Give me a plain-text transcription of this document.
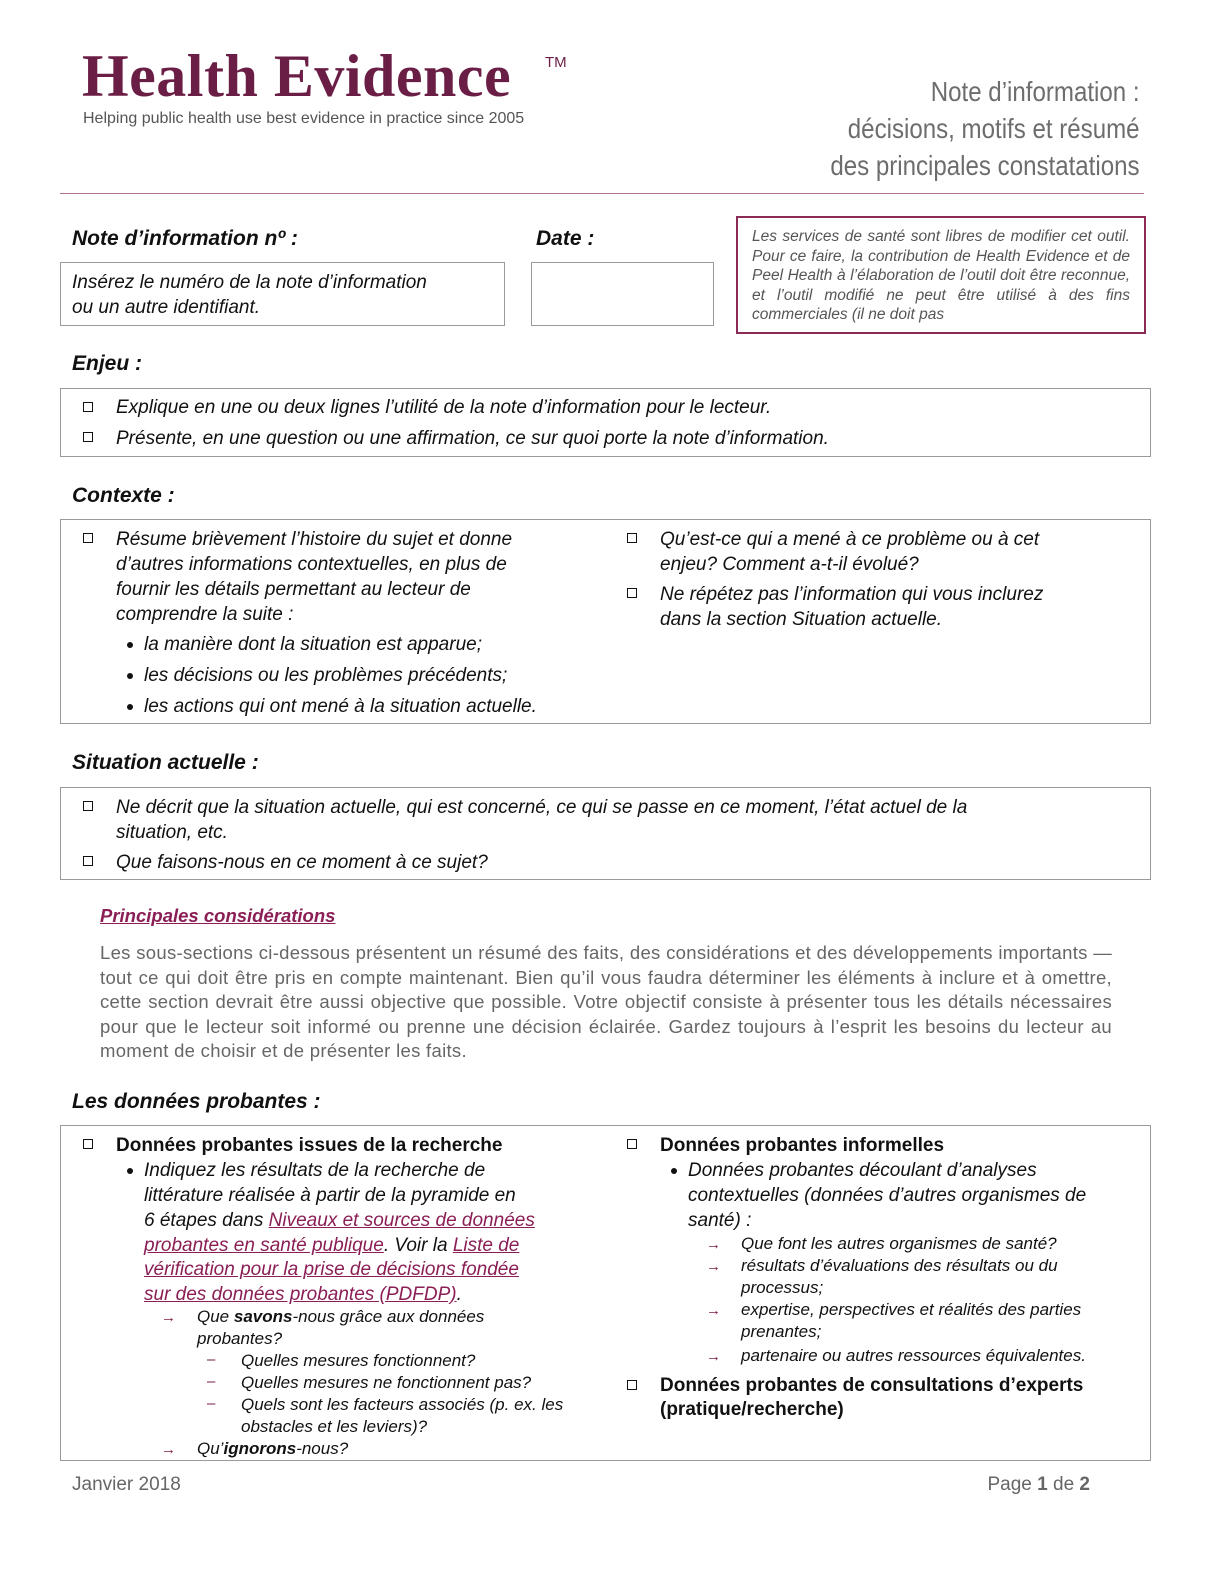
Health Evidence TM
Helping public health use best evidence in practice since 2005
Note d’information :
décisions, motifs et résumé
des principales constatations
Note d’information nº :
Insérez le numéro de la note d’information
ou un autre identifiant.
Date :	Les services de santé sont libres de modifier cet outil. Pour ce faire, la contribution de Health Evidence et de Peel Health à l’élaboration de l’outil doit être reconnue, et l’outil modifié ne peut être utilisé à des fins commerciales (il ne doit pas
Enjeu :
Explique en une ou deux lignes l’utilité de la note d’information pour le lecteur.
Présente, en une question ou une affirmation, ce sur quoi porte la note d’information.
Contexte :
Résume brièvement l’histoire du sujet et donne
d’autres informations contextuelles, en plus de
fournir les détails permettant au lecteur de
comprendre la suite :
la manière dont la situation est apparue;
les décisions ou les problèmes précédents;
les actions qui ont mené à la situation actuelle.
Qu’est-ce qui a mené à ce problème ou à cet
enjeu? Comment a-t-il évolué?
Ne répétez pas l’information qui vous inclurez
dans la section Situation actuelle.
Situation actuelle :
Ne décrit que la situation actuelle, qui est concerné, ce qui se passe en ce moment, l’état actuel de la
situation, etc.
Que faisons-nous en ce moment à ce sujet?
Principales considérations
Les sous-sections ci-dessous présentent un résumé des faits, des considérations et des développements importants — tout ce qui doit être pris en compte maintenant. Bien qu’il vous faudra déterminer les éléments à inclure et à omettre, cette section devrait être aussi objective que possible. Votre objectif consiste à présenter tous les détails nécessaires pour que le lecteur soit informé ou prenne une décision éclairée. Gardez toujours à l’esprit les besoins du lecteur au moment de choisir et de présenter les faits.
Les données probantes :
Données probantes issues de la recherche
Indiquez les résultats de la recherche de
littérature réalisée à partir de la pyramide en
6 étapes dans Niveaux et sources de données
probantes en santé publique. Voir la Liste de
vérification pour la prise de décisions fondée
sur des données probantes (PDFDP).
→ Que savons-nous grâce aux données
probantes?
– Quelles mesures fonctionnent?
– Quelles mesures ne fonctionnent pas?
– Quels sont les facteurs associés (p. ex. les
obstacles et les leviers)?
→ Qu’ignorons-nous?
Données probantes informelles
Données probantes découlant d’analyses
contextuelles (données d’autres organismes de
santé) :
→ Que font les autres organismes de santé?
→ résultats d’évaluations des résultats ou du
processus;
→ expertise, perspectives et réalités des parties
prenantes;
→ partenaire ou autres ressources équivalentes.
Données probantes de consultations d’experts
(pratique/recherche)
Janvier 2018	Page 1 de 2
